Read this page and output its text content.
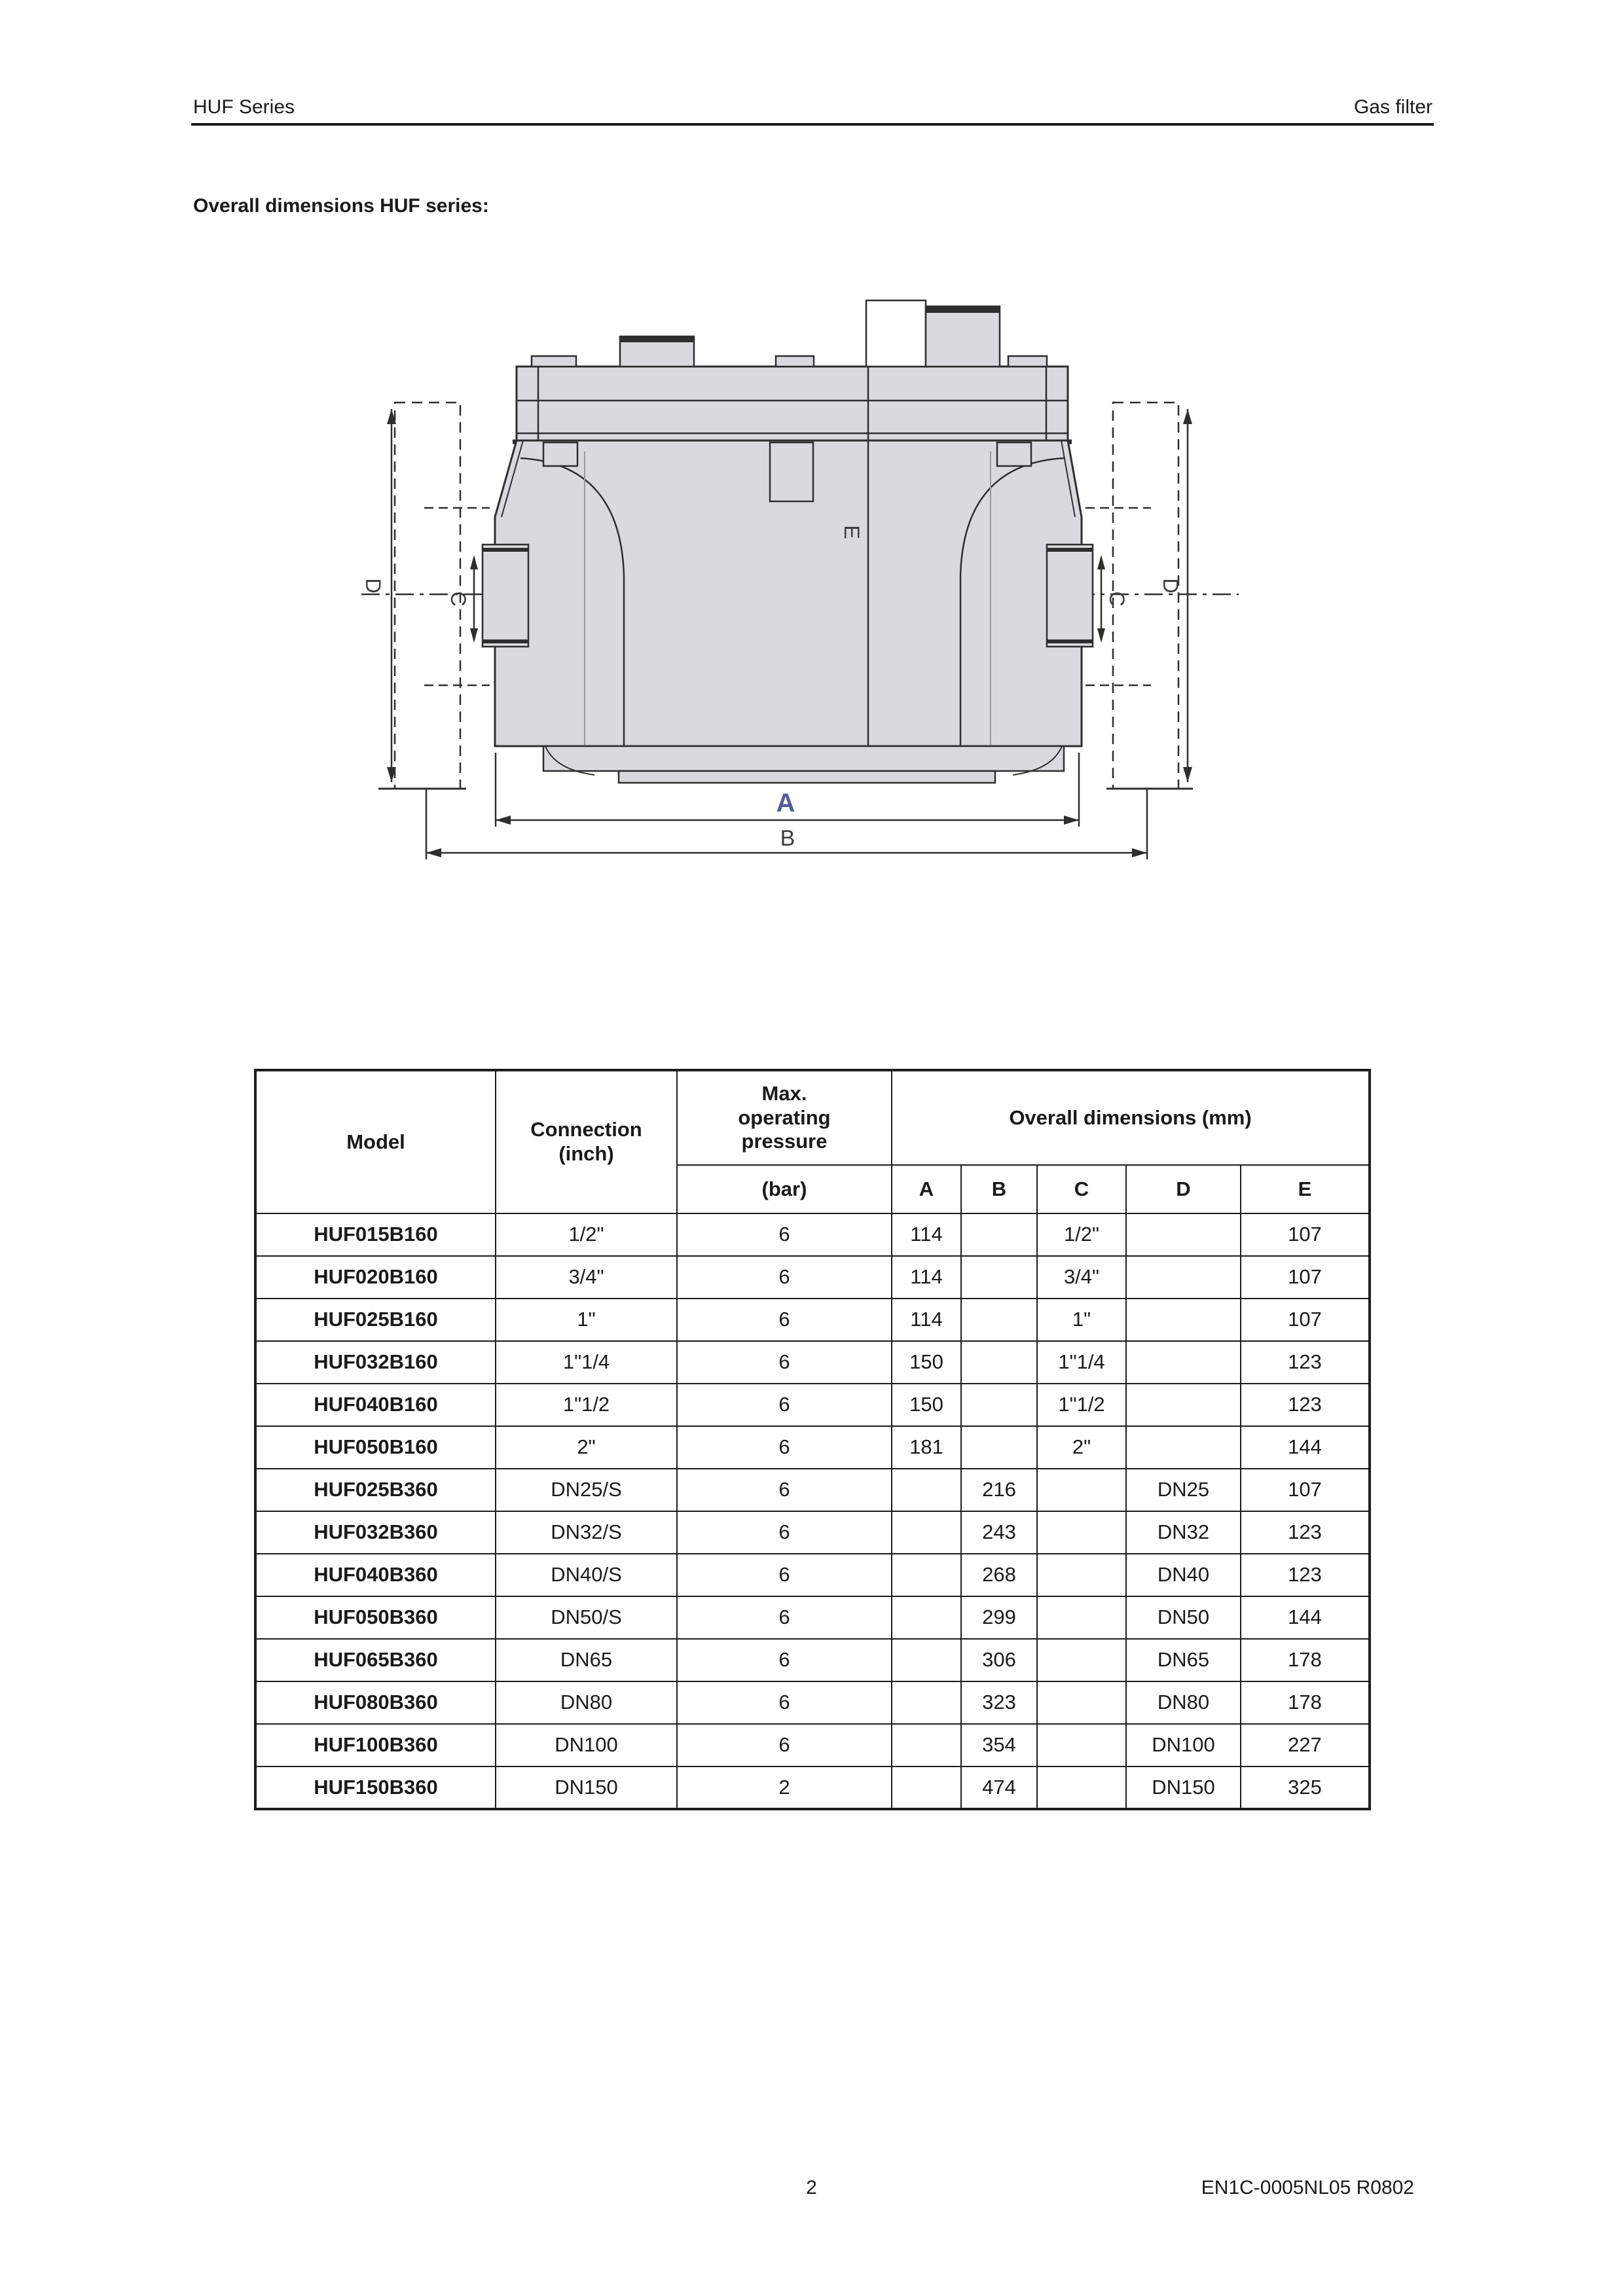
HUF Series	Gas filter
Overall dimensions HUF series:
D	D
C	C
E
B
A
Model	Connection (inch)	Max. operating pressure	Overall dimensions (mm)				
		(bar)	A	B	C	D	E
HUF015B160	1/2"	6	114		1/2"		107
HUF020B160	3/4"	6	114		3/4"		107
HUF025B160	1"	6	114		1"		107
HUF032B160	1"1/4	6	150		1"1/4		123
HUF040B160	1"1/2	6	150		1"1/2		123
HUF050B160	2"	6	181		2"		144
HUF025B360	DN25/S	6		216		DN25	107
HUF032B360	DN32/S	6		243		DN32	123
HUF040B360	DN40/S	6		268		DN40	123
HUF050B360	DN50/S	6		299		DN50	144
HUF065B360	DN65	6		306		DN65	178
HUF080B360	DN80	6		323		DN80	178
HUF100B360	DN100	6		354		DN100	227
HUF150B360	DN150	2		474		DN150	325
2	EN1C-0005NL05 R0802
